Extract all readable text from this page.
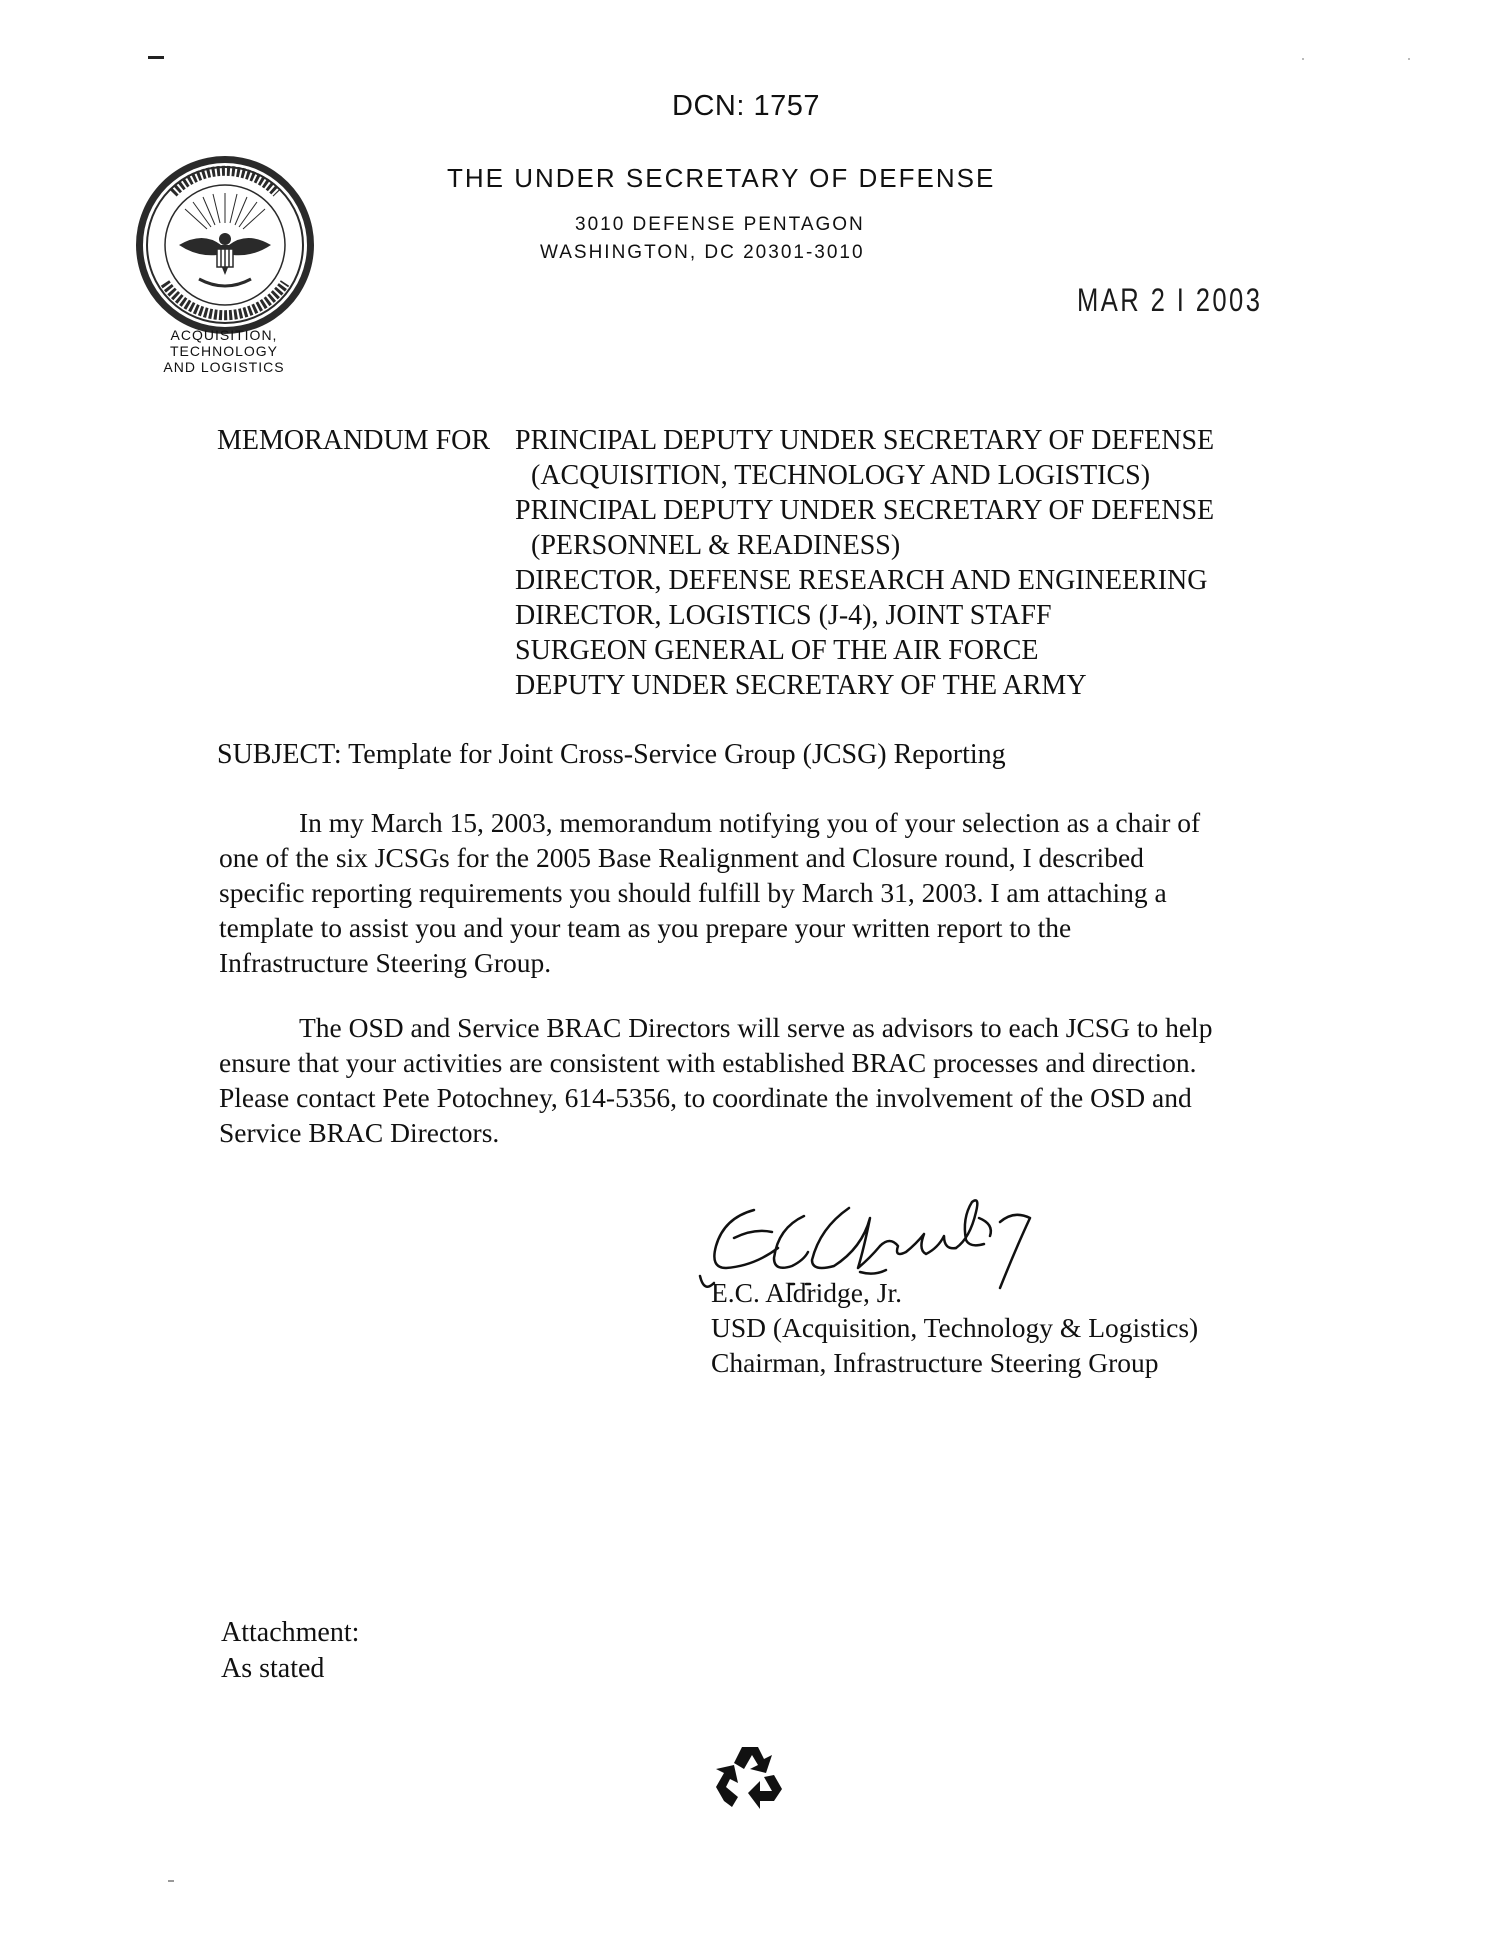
DCN: 1757
ACQUISITION,
TECHNOLOGY
AND LOGISTICS
THE UNDER SECRETARY OF DEFENSE
3010 DEFENSE PENTAGON
WASHINGTON, DC 20301-3010
MAR 2 I 2003
MEMORANDUM FOR PRINCIPAL DEPUTY UNDER SECRETARY OF DEFENSE
(ACQUISITION, TECHNOLOGY AND LOGISTICS)
PRINCIPAL DEPUTY UNDER SECRETARY OF DEFENSE
(PERSONNEL & READINESS)
DIRECTOR, DEFENSE RESEARCH AND ENGINEERING
DIRECTOR, LOGISTICS (J-4), JOINT STAFF
SURGEON GENERAL OF THE AIR FORCE
DEPUTY UNDER SECRETARY OF THE ARMY
SUBJECT: Template for Joint Cross-Service Group (JCSG) Reporting
In my March 15, 2003, memorandum notifying you of your selection as a chair of
one of the six JCSGs for the 2005 Base Realignment and Closure round, I described
specific reporting requirements you should fulfill by March 31, 2003. I am attaching a
template to assist you and your team as you prepare your written report to the
Infrastructure Steering Group.
The OSD and Service BRAC Directors will serve as advisors to each JCSG to help
ensure that your activities are consistent with established BRAC processes and direction.
Please contact Pete Potochney, 614-5356, to coordinate the involvement of the OSD and
Service BRAC Directors.
E.C. Aldridge, Jr.
USD (Acquisition, Technology & Logistics)
Chairman, Infrastructure Steering Group
Attachment:
As stated
